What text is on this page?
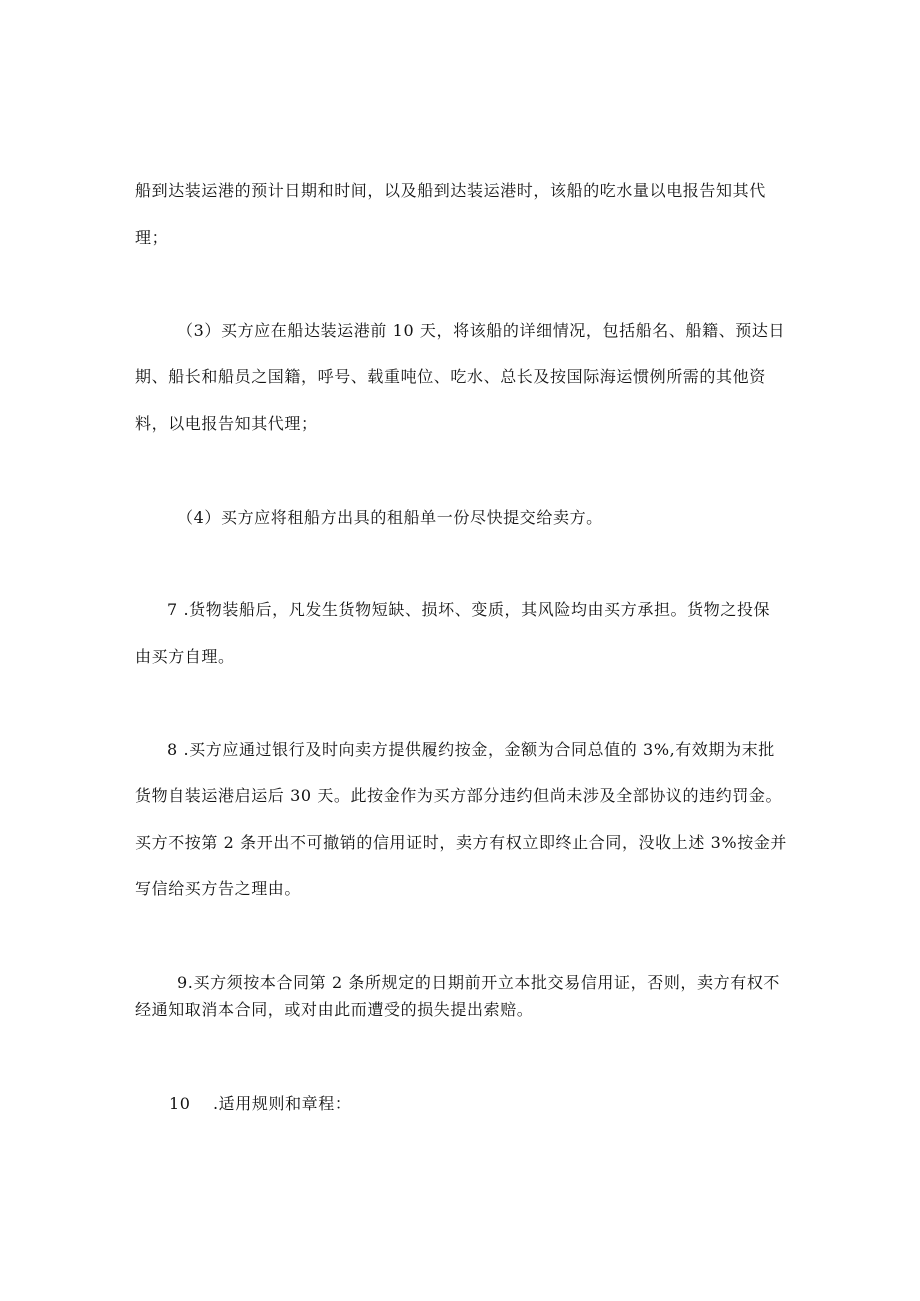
船到达装运港的预计日期和时间，以及船到达装运港时，该船的吃水量以电报告知其代
理；
（3）买方应在船达装运港前 10 天，将该船的详细情况，包括船名、船籍、预达日
期、船长和船员之国籍，呼号、载重吨位、吃水、总长及按国际海运惯例所需的其他资
料，以电报告知其代理；
（4）买方应将租船方出具的租船单一份尽快提交给卖方。
7 .货物装船后，凡发生货物短缺、损坏、变质，其风险均由买方承担。货物之投保
由买方自理。
8 .买方应通过银行及时向卖方提供履约按金，金额为合同总值的 3%,有效期为末批
货物自装运港启运后 30 天。此按金作为买方部分违约但尚未涉及全部协议的违约罚金。
买方不按第 2 条开出不可撤销的信用证时，卖方有权立即终止合同，没收上述 3%按金并
写信给买方告之理由。
9.买方须按本合同第 2 条所规定的日期前开立本批交易信用证，否则，卖方有权不
经通知取消本合同，或对由此而遭受的损失提出索赔。
10 .适用规则和章程：
